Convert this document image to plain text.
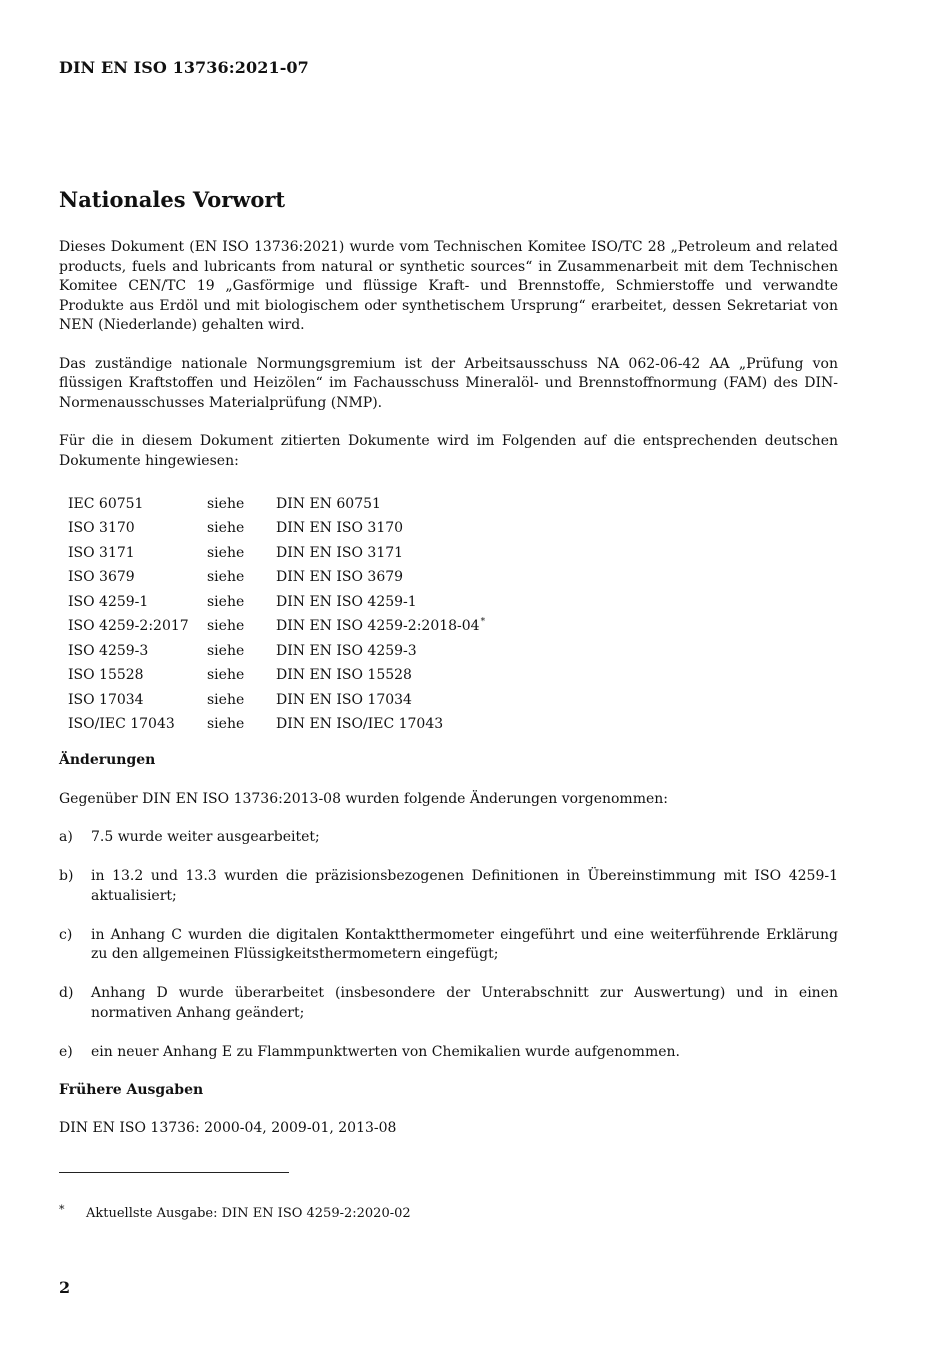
DIN EN ISO 13736:2021-07
Nationales Vorwort

Dieses Dokument (EN ISO 13736:2021) wurde vom Technischen Komitee ISO/TC 28 „Petroleum and related products, fuels and lubricants from natural or synthetic sources“ in Zusammenarbeit mit dem Technischen Komitee CEN/TC 19 „Gasförmige und flüssige Kraft- und Brennstoffe, Schmierstoffe und verwandte Produkte aus Erdöl und mit biologischem oder synthetischem Ursprung“ erarbeitet, dessen Sekretariat von NEN (Niederlande) gehalten wird.

Das zuständige nationale Normungsgremium ist der Arbeitsausschuss NA 062-06-42 AA „Prüfung von flüssigen Kraftstoffen und Heizölen“ im Fachausschuss Mineralöl- und Brennstoffnormung (FAM) des DIN-Normenausschusses Materialprüfung (NMP).

Für die in diesem Dokument zitierten Dokumente wird im Folgenden auf die entsprechenden deutschen Dokumente hingewiesen:

IEC 60751	siehe	DIN EN 60751
ISO 3170	siehe	DIN EN ISO 3170
ISO 3171	siehe	DIN EN ISO 3171
ISO 3679	siehe	DIN EN ISO 3679
ISO 4259-1	siehe	DIN EN ISO 4259-1
ISO 4259-2:2017	siehe	DIN EN ISO 4259-2:2018-04*
ISO 4259-3	siehe	DIN EN ISO 4259-3
ISO 15528	siehe	DIN EN ISO 15528
ISO 17034	siehe	DIN EN ISO 17034
ISO/IEC 17043	siehe	DIN EN ISO/IEC 17043
Änderungen

Gegenüber DIN EN ISO 13736:2013-08 wurden folgende Änderungen vorgenommen:

a) 7.5 wurde weiter ausgearbeitet;
b) in 13.2 und 13.3 wurden die präzisionsbezogenen Definitionen in Übereinstimmung mit ISO 4259-1 aktualisiert;
c) in Anhang C wurden die digitalen Kontaktthermometer eingeführt und eine weiterführende Erklärung zu den allgemeinen Flüssigkeitsthermometern eingefügt;
d) Anhang D wurde überarbeitet (insbesondere der Unterabschnitt zur Auswertung) und in einen normativen Anhang geändert;
e) ein neuer Anhang E zu Flammpunktwerten von Chemikalien wurde aufgenommen.
Frühere Ausgaben

DIN EN ISO 13736: 2000-04, 2009-01, 2013-08

* Aktuellste Ausgabe: DIN EN ISO 4259-2:2020-02
2
